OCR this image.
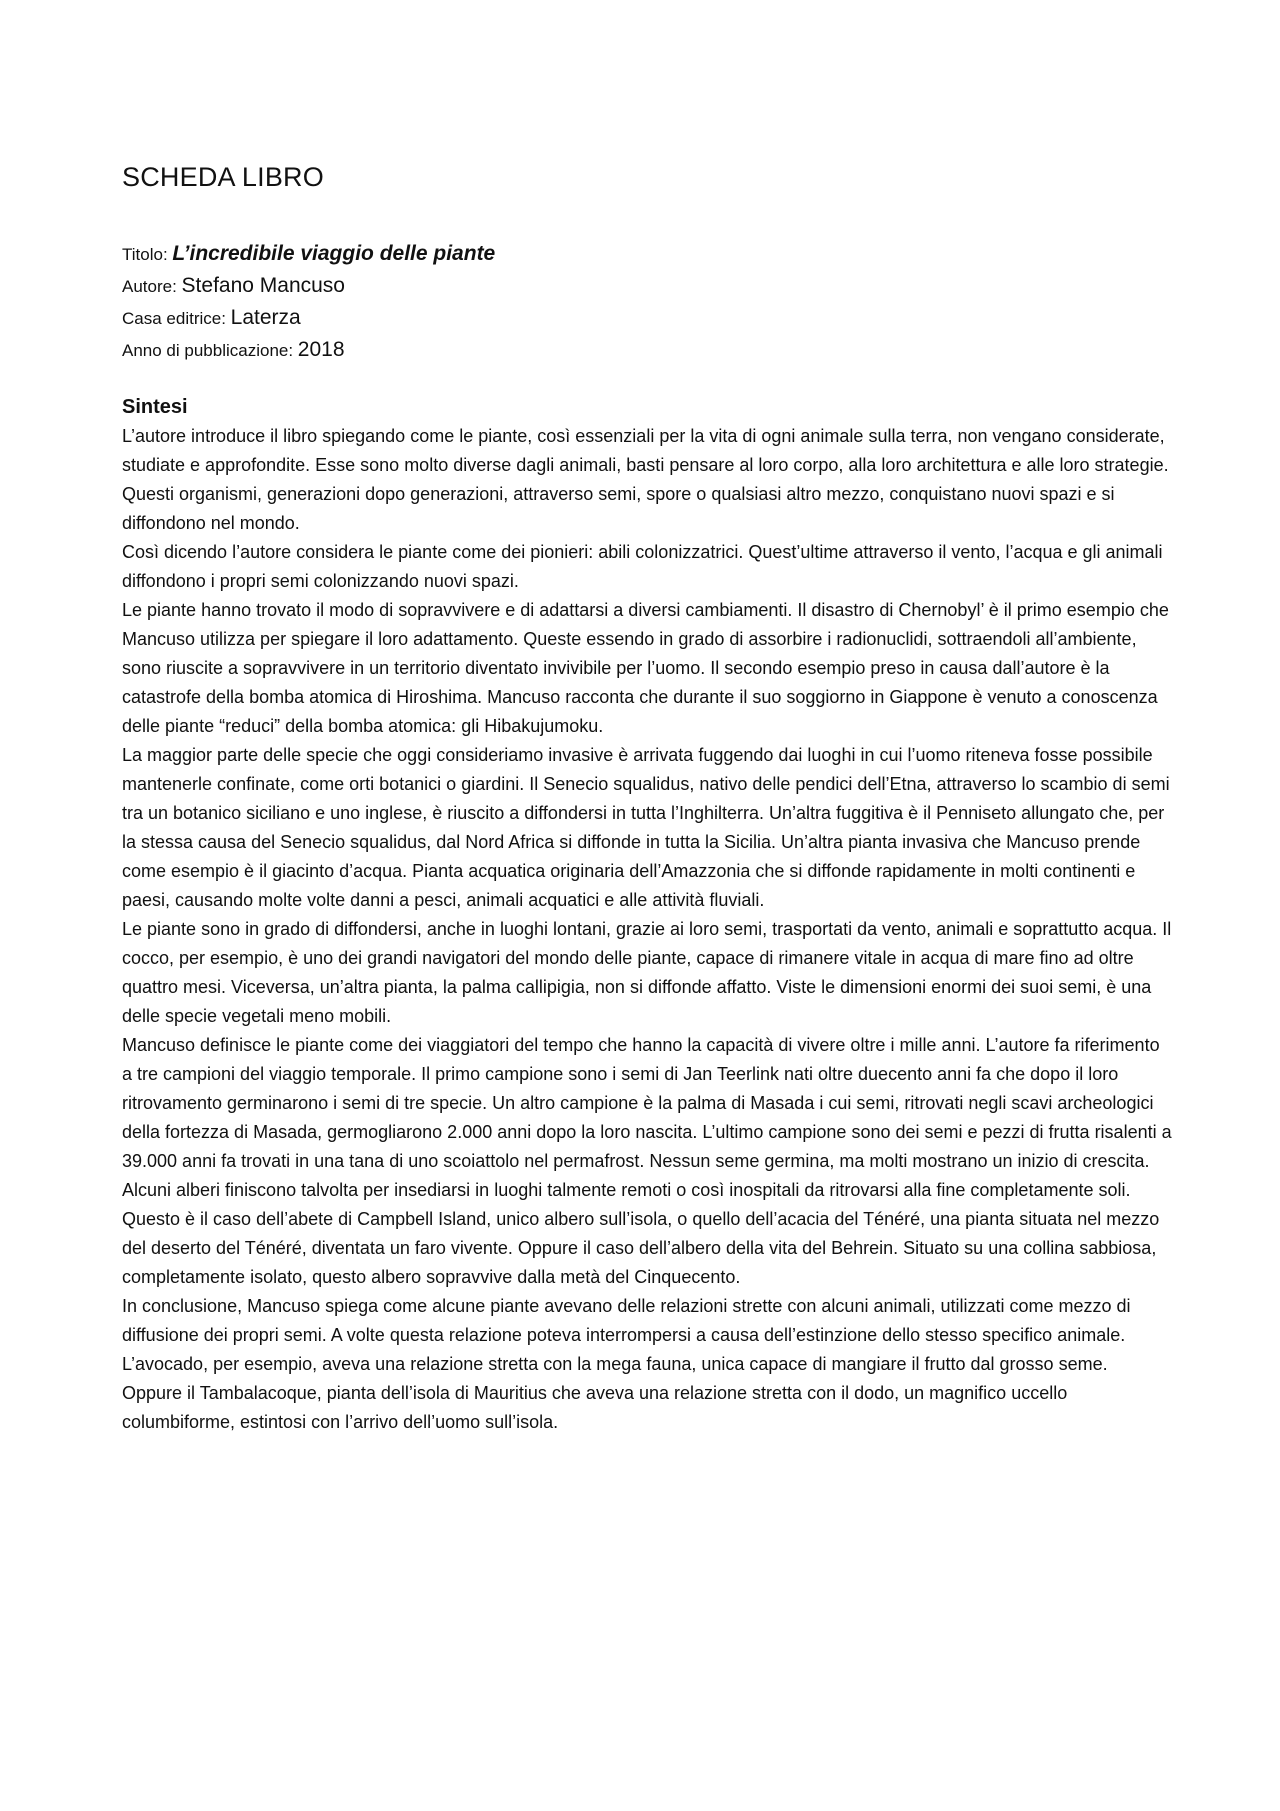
SCHEDA LIBRO
Titolo: L’incredibile viaggio delle piante
Autore: Stefano Mancuso
Casa editrice: Laterza
Anno di pubblicazione: 2018
Sintesi

L’autore introduce il libro spiegando come le piante, così essenziali per la vita di ogni animale sulla terra, non vengano considerate, studiate e approfondite. Esse sono molto diverse dagli animali, basti pensare al loro corpo, alla loro architettura e alle loro strategie. Questi organismi, generazioni dopo generazioni, attraverso semi, spore o qualsiasi altro mezzo, conquistano nuovi spazi e si diffondono nel mondo.

Così dicendo l’autore considera le piante come dei pionieri: abili colonizzatrici. Quest’ultime attraverso il vento, l’acqua e gli animali diffondono i propri semi colonizzando nuovi spazi.

Le piante hanno trovato il modo di sopravvivere e di adattarsi a diversi cambiamenti. Il disastro di Chernobyl’ è il primo esempio che Mancuso utilizza per spiegare il loro adattamento. Queste essendo in grado di assorbire i radionuclidi, sottraendoli all’ambiente, sono riuscite a sopravvivere in un territorio diventato invivibile per l’uomo. Il secondo esempio preso in causa dall’autore è la catastrofe della bomba atomica di Hiroshima. Mancuso racconta che durante il suo soggiorno in Giappone è venuto a conoscenza delle piante “reduci” della bomba atomica: gli Hibakujumoku.

La maggior parte delle specie che oggi consideriamo invasive è arrivata fuggendo dai luoghi in cui l’uomo riteneva fosse possibile mantenerle confinate, come orti botanici o giardini. Il Senecio squalidus, nativo delle pendici dell’Etna, attraverso lo scambio di semi tra un botanico siciliano e uno inglese, è riuscito a diffondersi in tutta l’Inghilterra. Un’altra fuggitiva è il Penniseto allungato che, per la stessa causa del Senecio squalidus, dal Nord Africa si diffonde in tutta la Sicilia. Un’altra pianta invasiva che Mancuso prende come esempio è il giacinto d’acqua. Pianta acquatica originaria dell’Amazzonia che si diffonde rapidamente in molti continenti e paesi, causando molte volte danni a pesci, animali acquatici e alle attività fluviali.

Le piante sono in grado di diffondersi, anche in luoghi lontani, grazie ai loro semi, trasportati da vento, animali e soprattutto acqua. Il cocco, per esempio, è uno dei grandi navigatori del mondo delle piante, capace di rimanere vitale in acqua di mare fino ad oltre quattro mesi. Viceversa, un’altra pianta, la palma callipigia, non si diffonde affatto. Viste le dimensioni enormi dei suoi semi, è una delle specie vegetali meno mobili.

Mancuso definisce le piante come dei viaggiatori del tempo che hanno la capacità di vivere oltre i mille anni. L’autore fa riferimento a tre campioni del viaggio temporale. Il primo campione sono i semi di Jan Teerlink nati oltre duecento anni fa che dopo il loro ritrovamento germinarono i semi di tre specie. Un altro campione è la palma di Masada i cui semi, ritrovati negli scavi archeologici della fortezza di Masada, germogliarono 2.000 anni dopo la loro nascita. L’ultimo campione sono dei semi e pezzi di frutta risalenti a 39.000 anni fa trovati in una tana di uno scoiattolo nel permafrost. Nessun seme germina, ma molti mostrano un inizio di crescita.

Alcuni alberi finiscono talvolta per insediarsi in luoghi talmente remoti o così inospitali da ritrovarsi alla fine completamente soli. Questo è il caso dell’abete di Campbell Island, unico albero sull’isola, o quello dell’acacia del Ténéré, una pianta situata nel mezzo del deserto del Ténéré, diventata un faro vivente. Oppure il caso dell’albero della vita del Behrein. Situato su una collina sabbiosa, completamente isolato, questo albero sopravvive dalla metà del Cinquecento.

In conclusione, Mancuso spiega come alcune piante avevano delle relazioni strette con alcuni animali, utilizzati come mezzo di diffusione dei propri semi. A volte questa relazione poteva interrompersi a causa dell’estinzione dello stesso specifico animale. L’avocado, per esempio, aveva una relazione stretta con la mega fauna, unica capace di mangiare il frutto dal grosso seme. Oppure il Tambalacoque, pianta dell’isola di Mauritius che aveva una relazione stretta con il dodo, un magnifico uccello columbiforme, estintosi con l’arrivo dell’uomo sull’isola.
